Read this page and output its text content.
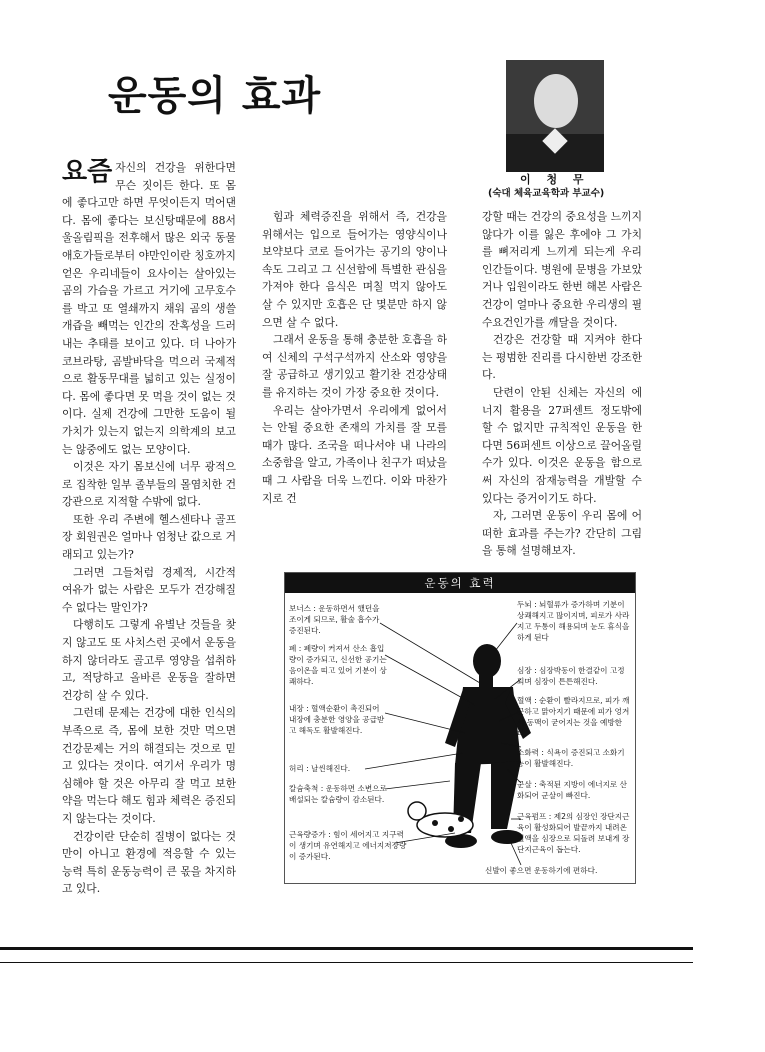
운동의 효과
이 청 무
(숙대 체육교육학과 부교수)

요즘 자신의 건강을 위한다면 무슨 짓이든 한다. 또 몸에 좋다고만 하면 무엇이든지 먹어댄다. 몸에 좋다는 보신탕때문에 88서울올림픽을 전후해서 많은 외국 동물 애호가들로부터 야만인이란 칭호까지 얻은 우리네들이 요사이는 살아있는 곰의 가슴을 가르고 거기에 고무호수를 박고 또 열쇄까지 채워 곰의 생쓸개즙을 빼먹는 인간의 잔혹성을 드러내는 추태를 보이고 있다. 더 나아가 코브라탕, 곰발바닥을 먹으러 국제적으로 활동무대를 넓히고 있는 실정이다. 몸에 좋다면 못 먹을 것이 없는 것이다. 실제 건강에 그만한 도움이 될 가치가 있는지 없는지 의학계의 보고는 않중에도 없는 모양이다.

이것은 자기 몸보신에 너무 광적으로 집착한 일부 졸부들의 몰염치한 건강관으로 지적할 수밖에 없다.

또한 우리 주변에 헬스센타나 골프장 회원권은 얼마나 엄청난 값으로 거래되고 있는가?

그러면 그들처럼 경제적, 시간적 여유가 없는 사람은 모두가 건강해질 수 없다는 말인가?

다행히도 그렇게 유별난 것들을 찾지 않고도 또 사치스런 곳에서 운동을 하지 않더라도 골고루 영양을 섭취하고, 적당하고 올바른 운동을 잘하면 건강히 살 수 있다.

그런데 문제는 건강에 대한 인식의 부족으로 즉, 몸에 보한 것만 먹으면 건강문제는 거의 해결되는 것으로 믿고 있다는 것이다. 여기서 우리가 명심해야 할 것은 아무리 잘 먹고 보한 약을 먹는다 해도 힘과 체력은 증진되지 않는다는 것이다.

건강이란 단순히 질병이 없다는 것만이 아니고 환경에 적응할 수 있는 능력 특히 운동능력이 큰 몫을 차지하고 있다.

힘과 체력증진을 위해서 즉, 건강을 위해서는 입으로 들어가는 영양식이나 보약보다 코로 들어가는 공기의 양이나 속도 그리고 그 신선함에 특별한 관심을 가져야 한다 음식은 며칠 먹지 않아도 살 수 있지만 호흡은 단 몇분만 하지 않으면 살 수 없다.

그래서 운동을 통해 충분한 호흡을 하여 신체의 구석구석까지 산소와 영양을 잘 공급하고 생기있고 활기찬 건강상태를 유지하는 것이 가장 중요한 것이다.

우리는 살아가면서 우리에게 없어서는 안될 중요한 존재의 가치를 잘 모를 때가 많다. 조국을 떠나서야 내 나라의 소중함을 알고, 가족이나 친구가 떠났을 때 그 사람을 더욱 느낀다. 이와 마찬가지로 건

강할 때는 건강의 중요성을 느끼지 않다가 이를 잃은 후에야 그 가치를 뼈저리게 느끼게 되는게 우리 인간들이다. 병원에 문병을 가보았거나 입원이라도 한번 해본 사람은 건강이 얼마나 중요한 우리생의 필수요건인가를 깨달을 것이다.

건강은 건강할 때 지켜야 한다는 평범한 진리를 다시한번 강조한다.

단련이 안된 신체는 자신의 에너지 활용을 27퍼센트 정도밖에 할 수 없지만 규칙적인 운동을 한다면 56퍼센트 이상으로 끌어올릴 수가 있다. 이것은 운동을 함으로써 자신의 잠재능력을 개발할 수 있다는 증거이기도 하다.

자, 그러면 운동이 우리 몸에 어떠한 효과를 주는가? 간단히 그림을 통해 설명해보자.

운동의 효력
보너스 : 운동하면서 했던을 조이게 되므로, 활술 흡수가 증진된다.
폐 : 폐량이 커져서 산소 흡입량이 증가되고, 신선한 공기는 음이온을 띠고 있어 기분이 상쾌하다.
내장 : 혈액순환이 촉진되어 내장에 충분한 영양을 공급받고 해독도 활발해진다.
허리 : 날씬해진다.
칼슘축척 : 운동하면 소변으로 배설되는 칼슘량이 감소된다.
근육량증가 : 힘이 세어지고 지구력이 생기며 유연해지고 에너지저장량이 증가된다.
두뇌 : 뇌혈류가 증가하며 기분이 상쾌해지고 많이지며, 피로가 사라지고 두통이 해용되며 눈도 휴식을 하게 된다
심장 : 심장박동이 한결같이 고정되며 심장이 튼튼해진다.
혈액 : 순환이 빨라지므로, 피가 깨끗하고 맑아지기 때문에 피가 엉겨서 동맥이 굳어지는 것을 예방한다.
소화력 : 식욕이 증진되고 소화기능이 활발해진다.
군살 : 축적된 지방이 에너지로 산화되어 군살이 빠진다.
근육펌프 : 제2의 심장인 장단지근육이 활성화되어 발끝까지 내려온 혈액을 심장으로 되돌려 보내게 장단지근육이 돕는다.
신발이 좋으면 운동하기에 편하다.
